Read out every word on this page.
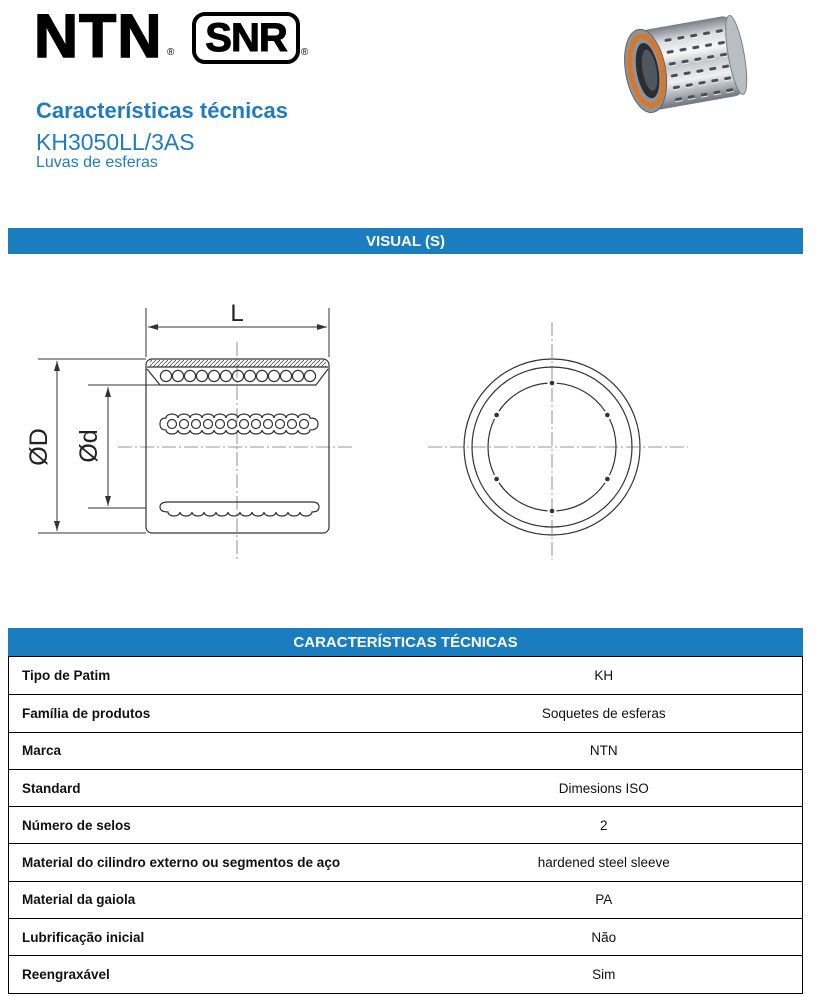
NTN ® SNR ®
Características técnicas
KH3050LL/3AS
Luvas de esferas
VISUAL (S)
L
ØD Ød
CARACTERÍSTICAS TÉCNICAS
Tipo de Patim	KH
Família de produtos	Soquetes de esferas
Marca	NTN
Standard	Dimesions ISO
Número de selos	2
Material do cilindro externo ou segmentos de aço	hardened steel sleeve
Material da gaiola	PA
Lubrificação inicial	Não
Reengraxável	Sim
